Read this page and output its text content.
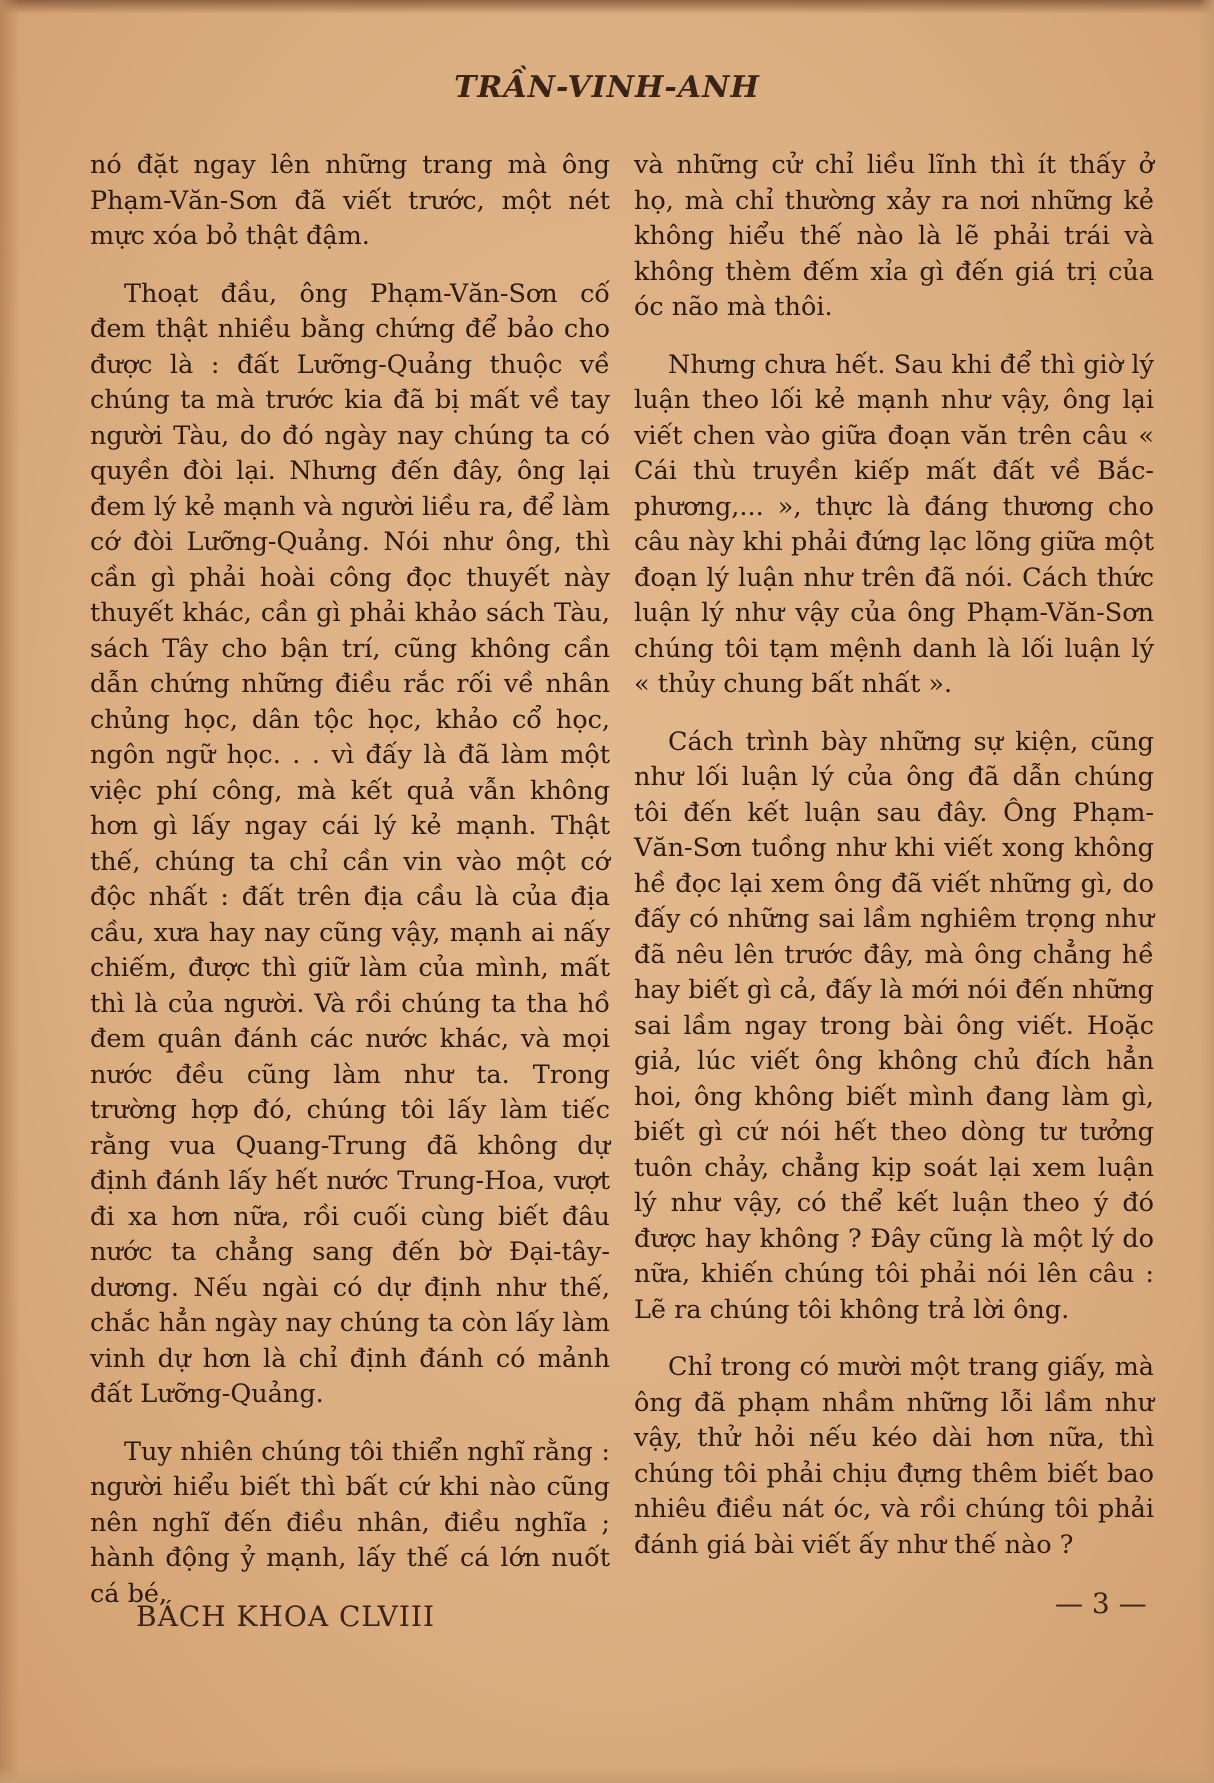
TRẦN-VINH-ANH

nó đặt ngay lên những trang mà ông Phạm-Văn-Sơn đã viết trước, một nét mực xóa bỏ thật đậm.

Thoạt đầu, ông Phạm-Văn-Sơn cố đem thật nhiều bằng chứng để bảo cho được là : đất Lưỡng-Quảng thuộc về chúng ta mà trước kia đã bị mất về tay người Tàu, do đó ngày nay chúng ta có quyền đòi lại. Nhưng đến đây, ông lại đem lý kẻ mạnh và người liều ra, để làm cớ đòi Lưỡng-Quảng. Nói như ông, thì cần gì phải hoài công đọc thuyết này thuyết khác, cần gì phải khảo sách Tàu, sách Tây cho bận trí, cũng không cần dẫn chứng những điều rắc rối về nhân chủng học, dân tộc học, khảo cổ học, ngôn ngữ học. . . vì đấy là đã làm một việc phí công, mà kết quả vẫn không hơn gì lấy ngay cái lý kẻ mạnh. Thật thế, chúng ta chỉ cần vin vào một cớ độc nhất : đất trên địa cầu là của địa cầu, xưa hay nay cũng vậy, mạnh ai nấy chiếm, được thì giữ làm của mình, mất thì là của người. Và rồi chúng ta tha hồ đem quân đánh các nước khác, và mọi nước đều cũng làm như ta. Trong trường hợp đó, chúng tôi lấy làm tiếc rằng vua Quang-Trung đã không dự định đánh lấy hết nước Trung-Hoa, vượt đi xa hơn nữa, rồi cuối cùng biết đâu nước ta chẳng sang đến bờ Đại-tây-dương. Nếu ngài có dự định như thế, chắc hẳn ngày nay chúng ta còn lấy làm vinh dự hơn là chỉ định đánh có mảnh đất Lưỡng-Quảng.

Tuy nhiên chúng tôi thiển nghĩ rằng : người hiểu biết thì bất cứ khi nào cũng nên nghĩ đến điều nhân, điều nghĩa ; hành động ỷ mạnh, lấy thế cá lớn nuốt cá bé,

và những cử chỉ liều lĩnh thì ít thấy ở họ, mà chỉ thường xảy ra nơi những kẻ không hiểu thế nào là lẽ phải trái và không thèm đếm xỉa gì đến giá trị của óc não mà thôi.

Nhưng chưa hết. Sau khi để thì giờ lý luận theo lối kẻ mạnh như vậy, ông lại viết chen vào giữa đoạn văn trên câu « Cái thù truyền kiếp mất đất về Bắc-phương,... », thực là đáng thương cho câu này khi phải đứng lạc lõng giữa một đoạn lý luận như trên đã nói. Cách thức luận lý như vậy của ông Phạm-Văn-Sơn chúng tôi tạm mệnh danh là lối luận lý « thủy chung bất nhất ».

Cách trình bày những sự kiện, cũng như lối luận lý của ông đã dẫn chúng tôi đến kết luận sau đây. Ông Phạm-Văn-Sơn tuồng như khi viết xong không hề đọc lại xem ông đã viết những gì, do đấy có những sai lầm nghiêm trọng như đã nêu lên trước đây, mà ông chẳng hề hay biết gì cả, đấy là mới nói đến những sai lầm ngay trong bài ông viết. Hoặc giả, lúc viết ông không chủ đích hẳn hoi, ông không biết mình đang làm gì, biết gì cứ nói hết theo dòng tư tưởng tuôn chảy, chẳng kịp soát lại xem luận lý như vậy, có thể kết luận theo ý đó được hay không ? Đây cũng là một lý do nữa, khiến chúng tôi phải nói lên câu : Lẽ ra chúng tôi không trả lời ông.

Chỉ trong có mười một trang giấy, mà ông đã phạm nhầm những lỗi lầm như vậy, thử hỏi nếu kéo dài hơn nữa, thì chúng tôi phải chịu đựng thêm biết bao nhiêu điều nát óc, và rồi chúng tôi phải đánh giá bài viết ấy như thế nào ?

BÁCH KHOA CLVIII	— 3 —
